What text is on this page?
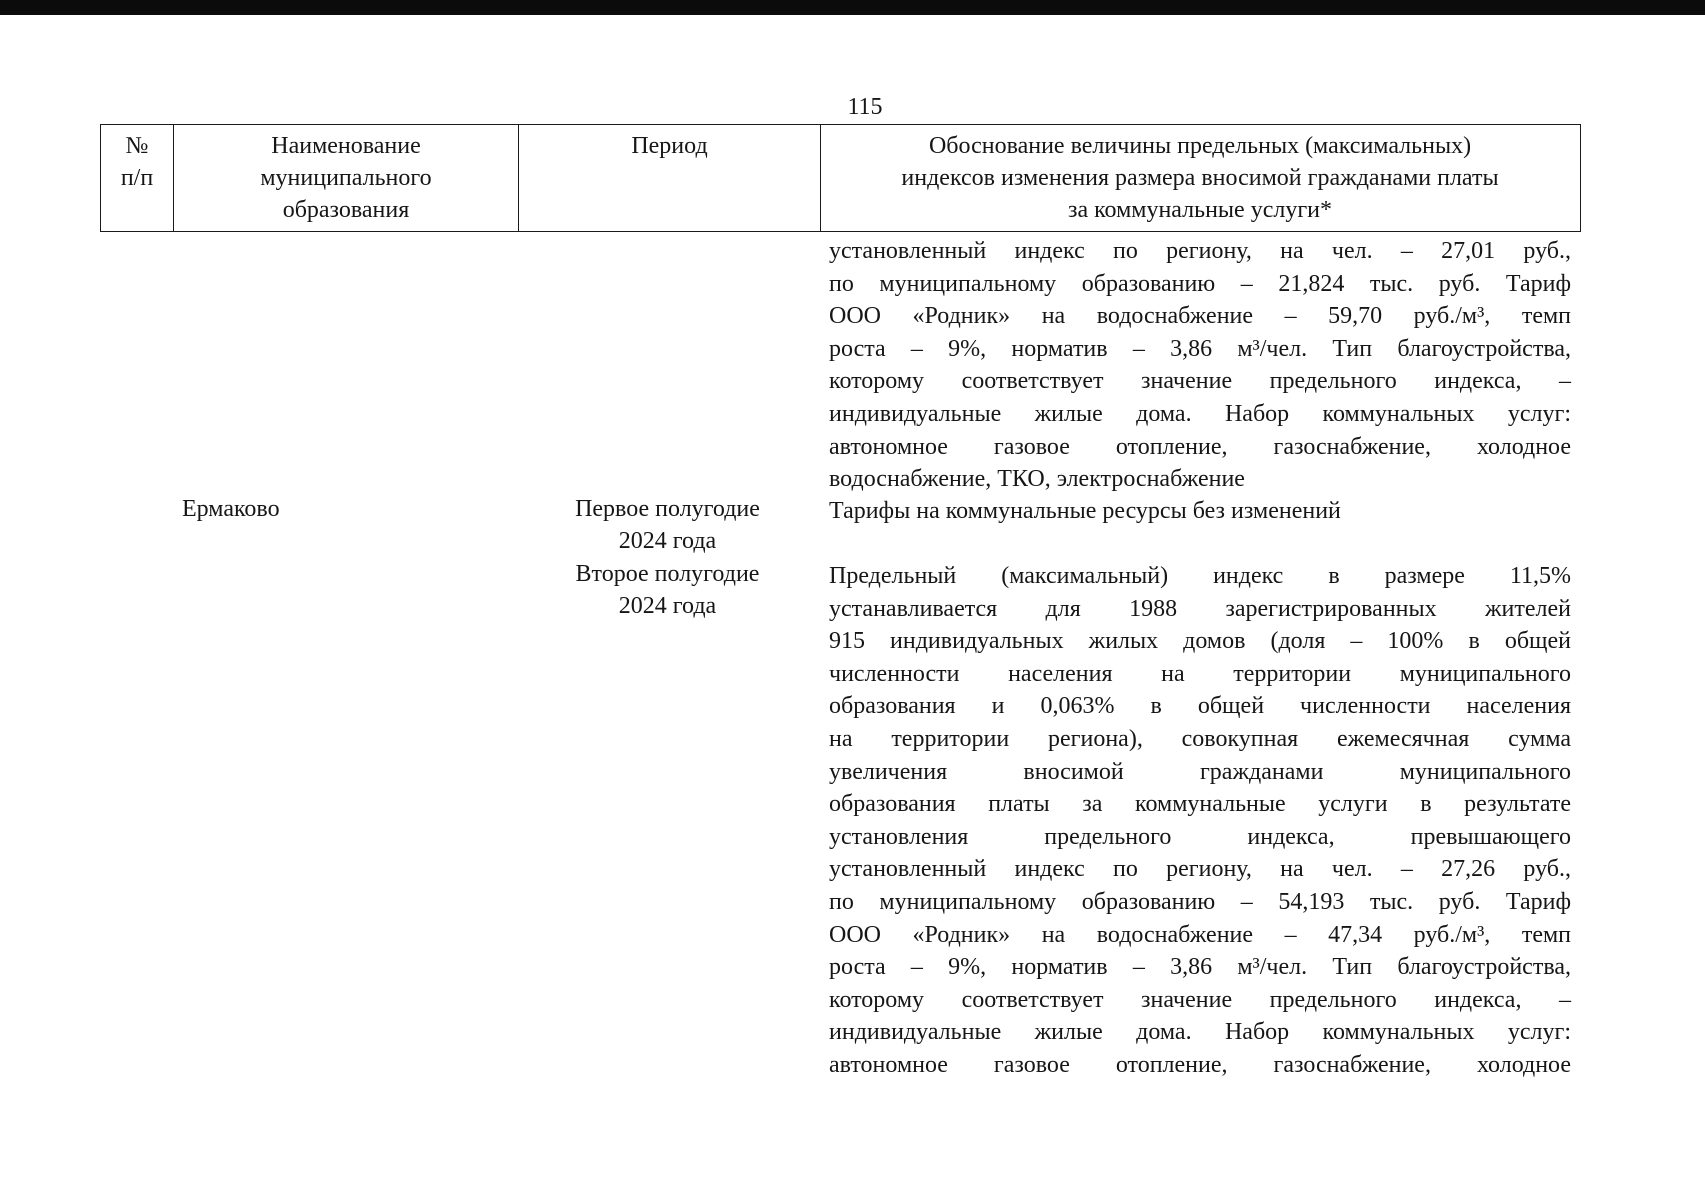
115
№
п/п
Наименование
муниципального
образования
Период	Обоснование величины предельных (максимальных)
индексов изменения размера вносимой гражданами платы
за коммунальные услуги*
установленный индекс по региону, на чел. – 27,01 руб.,
по муниципальному образованию – 21,824 тыс. руб. Тариф
ООО «Родник» на водоснабжение – 59,70 руб./м³, темп
роста – 9%, норматив – 3,86 м³/чел. Тип благоустройства,
которому соответствует значение предельного индекса, –
индивидуальные жилые дома. Набор коммунальных услуг:
автономное газовое отопление, газоснабжение, холодное
водоснабжение, ТКО, электроснабжение
Ермаково	Первое полугодие
2024 года
Тарифы на коммунальные ресурсы без изменений
Второе полугодие
2024 года
Предельный (максимальный) индекс в размере 11,5%
устанавливается для 1988 зарегистрированных жителей
915 индивидуальных жилых домов (доля – 100% в общей
численности населения на территории муниципального
образования и 0,063% в общей численности населения
на территории региона), совокупная ежемесячная сумма
увеличения вносимой гражданами муниципального
образования платы за коммунальные услуги в результате
установления предельного индекса, превышающего
установленный индекс по региону, на чел. – 27,26 руб.,
по муниципальному образованию – 54,193 тыс. руб. Тариф
ООО «Родник» на водоснабжение – 47,34 руб./м³, темп
роста – 9%, норматив – 3,86 м³/чел. Тип благоустройства,
которому соответствует значение предельного индекса, –
индивидуальные жилые дома. Набор коммунальных услуг:
автономное газовое отопление, газоснабжение, холодное
